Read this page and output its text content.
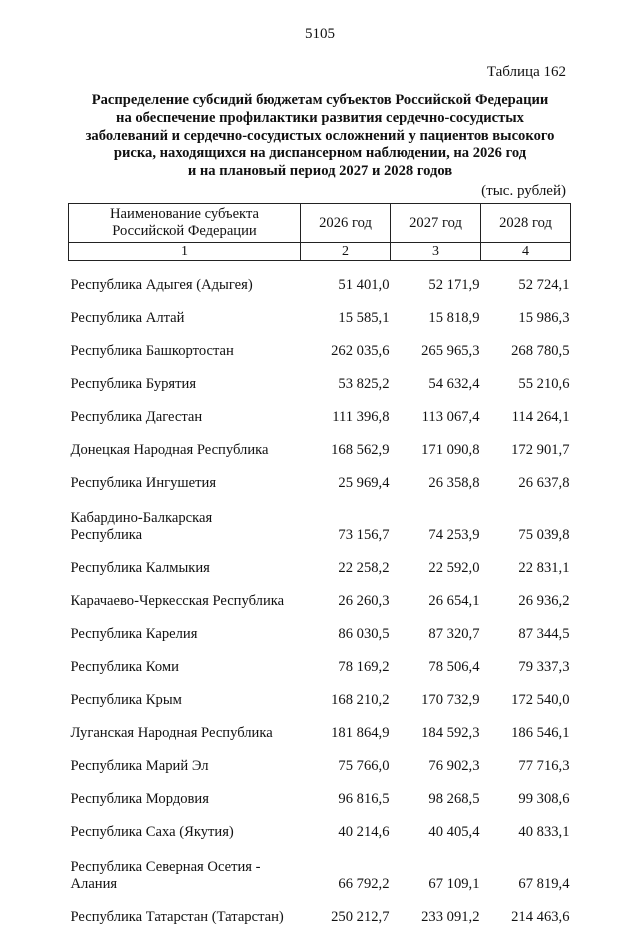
5105
Таблица 162
Распределение субсидий бюджетам субъектов Российской Федерации
на обеспечение профилактики развития сердечно-сосудистых
заболеваний и сердечно-сосудистых осложнений у пациентов высокого
риска, находящихся на диспансерном наблюдении, на 2026 год
и на плановый период 2027 и 2028 годов
(тыс. рублей)
Наименование субъекта
Российской Федерации	2026 год	2027 год	2028 год
1	2	3	4
Республика Адыгея (Адыгея)	51 401,0	52 171,9	52 724,1
Республика Алтай	15 585,1	15 818,9	15 986,3
Республика Башкортостан	262 035,6	265 965,3	268 780,5
Республика Бурятия	53 825,2	54 632,4	55 210,6
Республика Дагестан	111 396,8	113 067,4	114 264,1
Донецкая Народная Республика	168 562,9	171 090,8	172 901,7
Республика Ингушетия	25 969,4	26 358,8	26 637,8

Кабардино-Балкарская
Республика	73 156,7	74 253,9	75 039,8
Республика Калмыкия	22 258,2	22 592,0	22 831,1
Карачаево-Черкесская Республика	26 260,3	26 654,1	26 936,2
Республика Карелия	86 030,5	87 320,7	87 344,5
Республика Коми	78 169,2	78 506,4	79 337,3
Республика Крым	168 210,2	170 732,9	172 540,0
Луганская Народная Республика	181 864,9	184 592,3	186 546,1
Республика Марий Эл	75 766,0	76 902,3	77 716,3
Республика Мордовия	96 816,5	98 268,5	99 308,6
Республика Саха (Якутия)	40 214,6	40 405,4	40 833,1

Республика Северная Осетия -
Алания	66 792,2	67 109,1	67 819,4
Республика Татарстан (Татарстан)	250 212,7	233 091,2	214 463,6
